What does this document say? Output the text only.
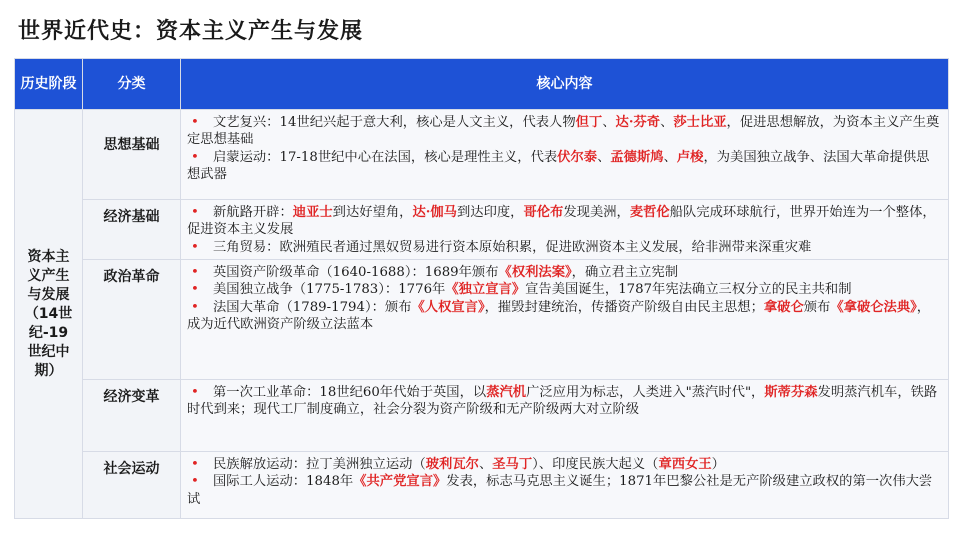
世界近代史：资本主义产生与发展
历史阶段	分类	核心内容
资本主义产生与发展（14世纪-19世纪中期）	思想基础	• 文艺复兴：14世纪兴起于意大利，核心是人文主义，代表人物但丁、达·芬奇、莎士比亚，促进思想解放，为资本主义产生奠定思想基础

• 启蒙运动：17-18世纪中心在法国，核心是理性主义，代表伏尔泰、孟德斯鸠、卢梭，为美国独立战争、法国大革命提供思想武器

	经济基础	• 新航路开辟：迪亚士到达好望角，达·伽马到达印度，哥伦布发现美洲，麦哲伦船队完成环球航行，世界开始连为一个整体，促进资本主义发展

• 三角贸易：欧洲殖民者通过黑奴贸易进行资本原始积累，促进欧洲资本主义发展，给非洲带来深重灾难

	政治革命	• 英国资产阶级革命（1640-1688）：1689年颁布《权利法案》，确立君主立宪制

• 美国独立战争（1775-1783）：1776年《独立宣言》宣告美国诞生，1787年宪法确立三权分立的民主共和制

• 法国大革命（1789-1794）：颁布《人权宣言》，摧毁封建统治，传播资产阶级自由民主思想；拿破仑颁布《拿破仑法典》，成为近代欧洲资产阶级立法蓝本

	经济变革	• 第一次工业革命：18世纪60年代始于英国，以蒸汽机广泛应用为标志，人类进入"蒸汽时代"，斯蒂芬森发明蒸汽机车，铁路时代到来；现代工厂制度确立，社会分裂为资产阶级和无产阶级两大对立阶级

	社会运动	• 民族解放运动：拉丁美洲独立运动（玻利瓦尔、圣马丁）、印度民族大起义（章西女王）

• 国际工人运动：1848年《共产党宣言》发表，标志马克思主义诞生；1871年巴黎公社是无产阶级建立政权的第一次伟大尝试
